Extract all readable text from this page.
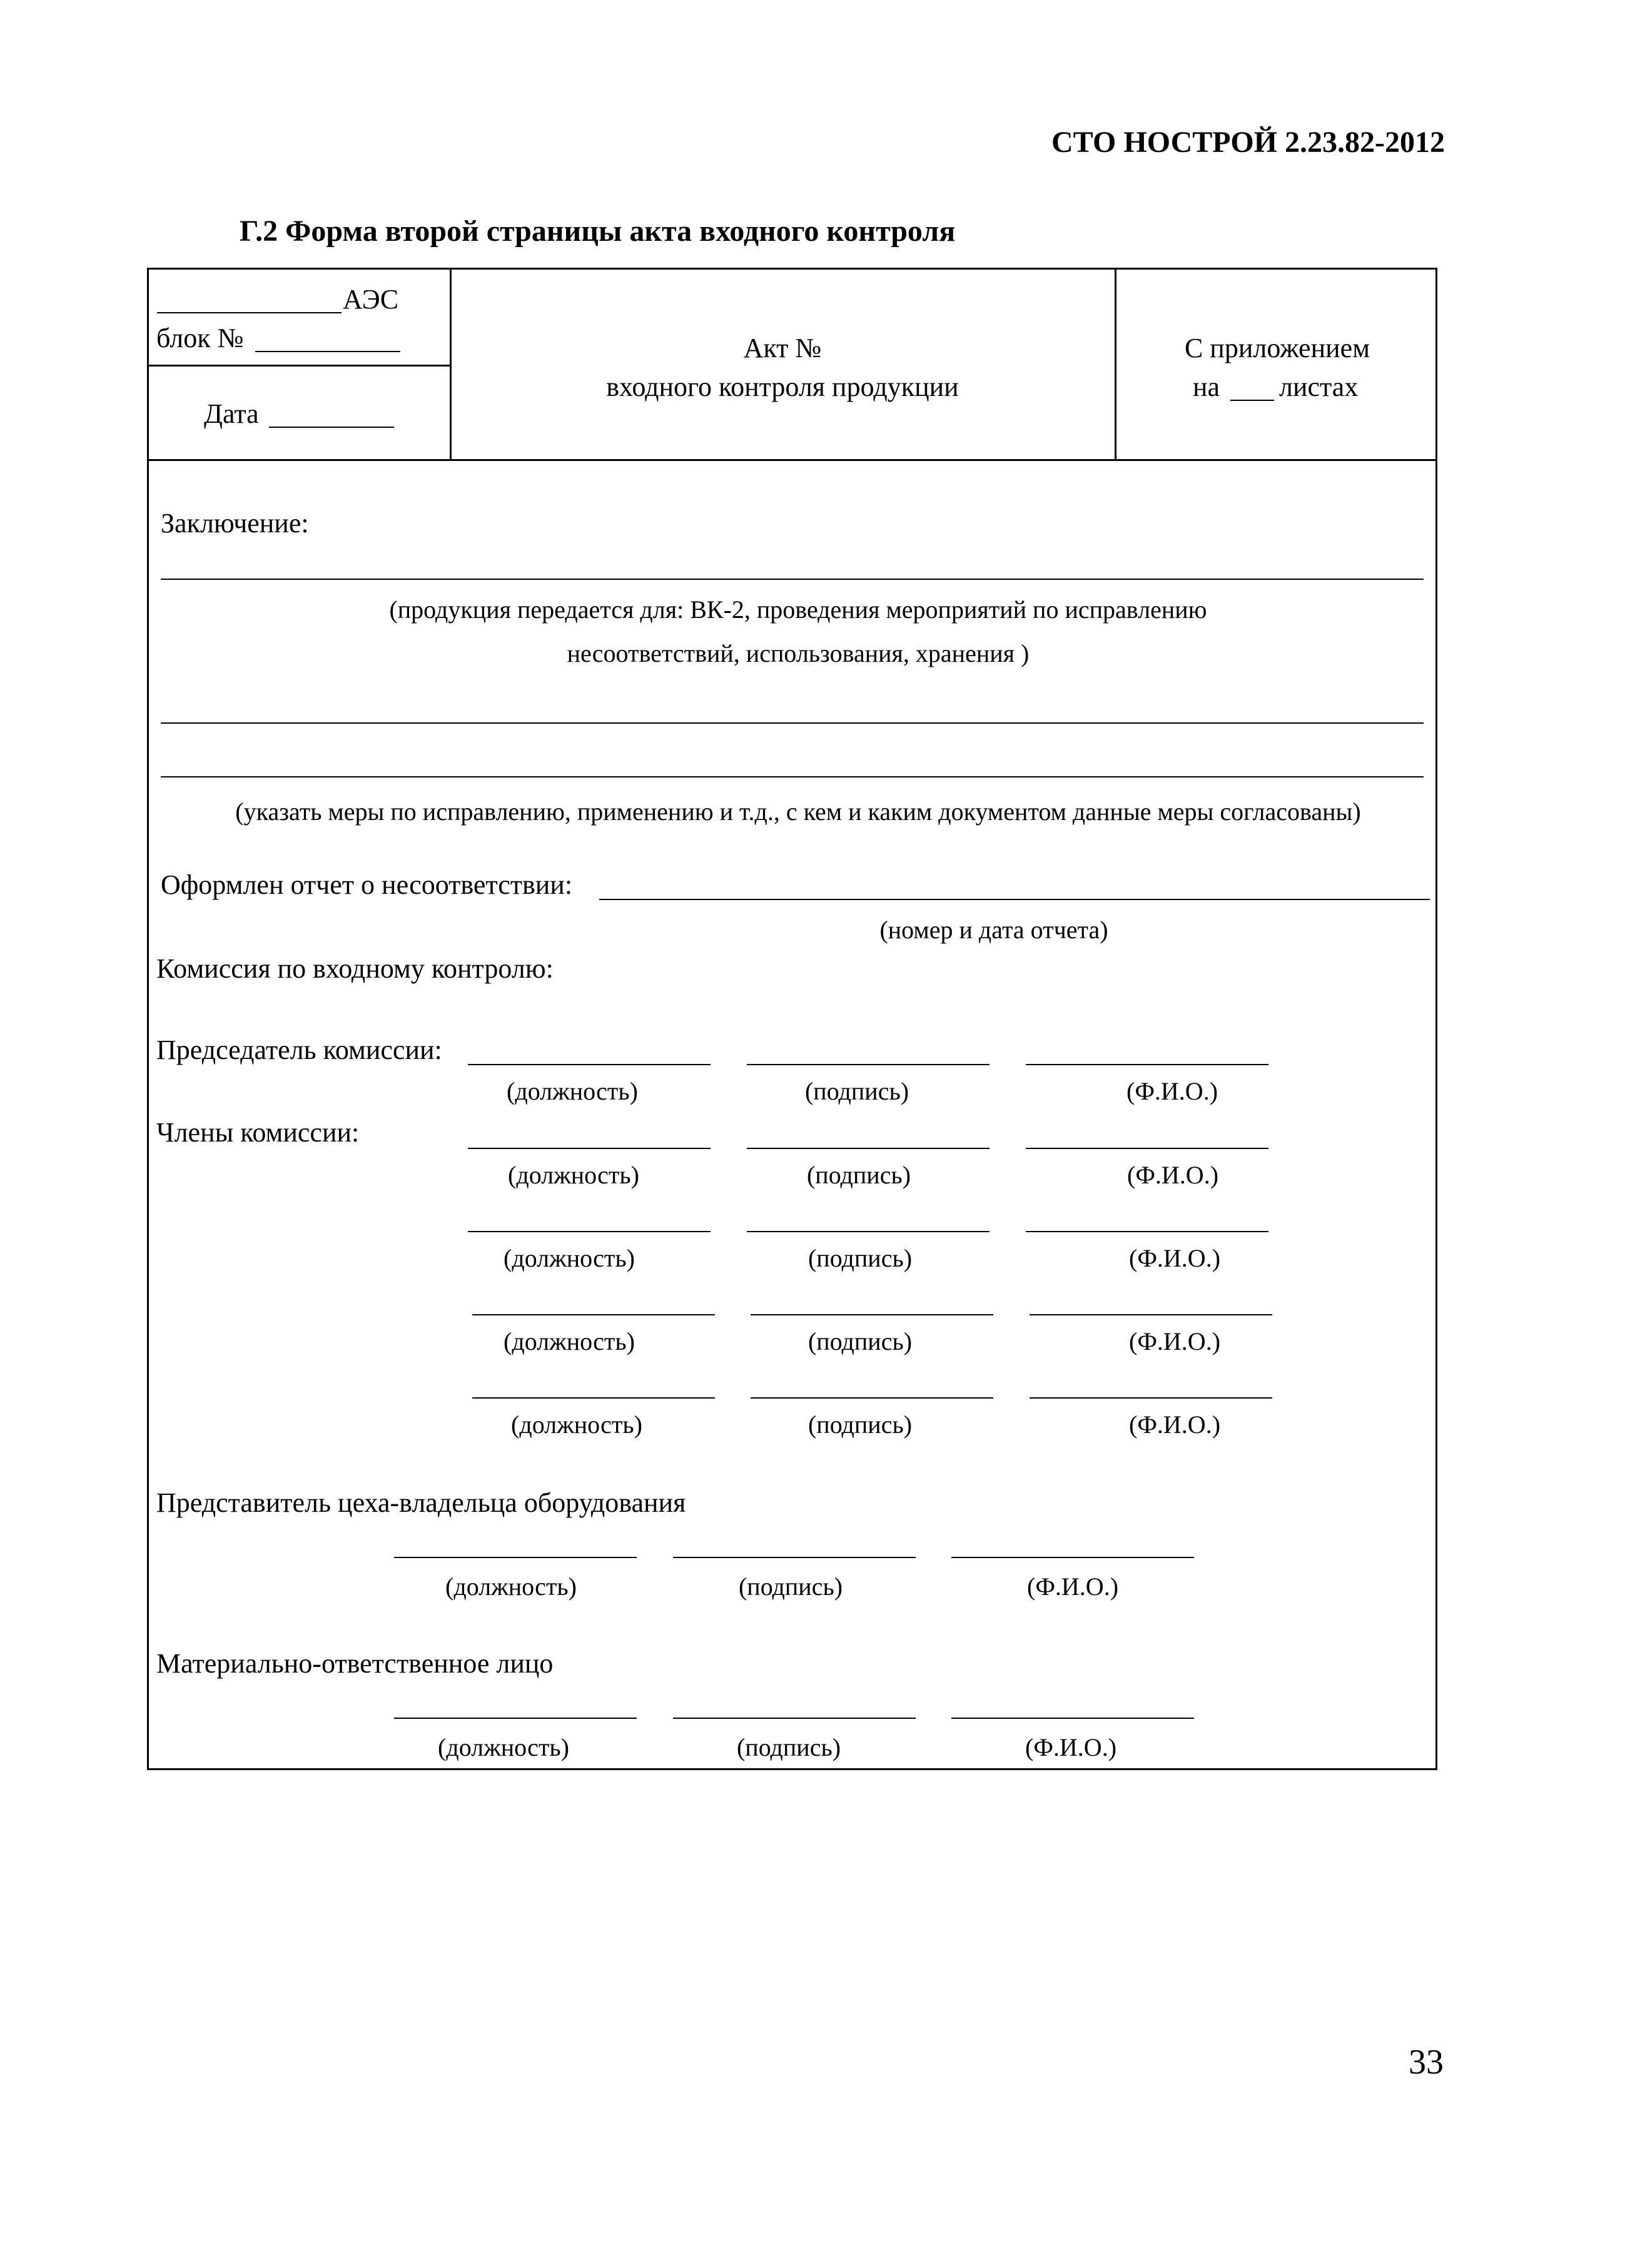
СТО НОСТРОЙ 2.23.82-2012
Г.2 Форма второй страницы акта входного контроля
АЭС
блок №
Дата
Акт №
входного контроля продукции
С приложением
на листах
Заключение:
(продукция передается для: ВК-2, проведения мероприятий по исправлению
несоответствий, использования, хранения )
(указать меры по исправлению, применению и т.д., с кем и каким документом данные меры согласованы)
Оформлен отчет о несоответствии:
(номер и дата отчета)
Комиссия по входному контролю:
Председатель комиссии:
(должность)	(подпись)	(Ф.И.О.)
Члены комиссии:
(должность)	(подпись)	(Ф.И.О.)
(должность)	(подпись)	(Ф.И.О.)
(должность)	(подпись)	(Ф.И.О.)
(должность)	(подпись)	(Ф.И.О.)
Представитель цеха-владельца оборудования
(должность)	(подпись)	(Ф.И.О.)
Материально-ответственное лицо
(должность)	(подпись)	(Ф.И.О.)
33
